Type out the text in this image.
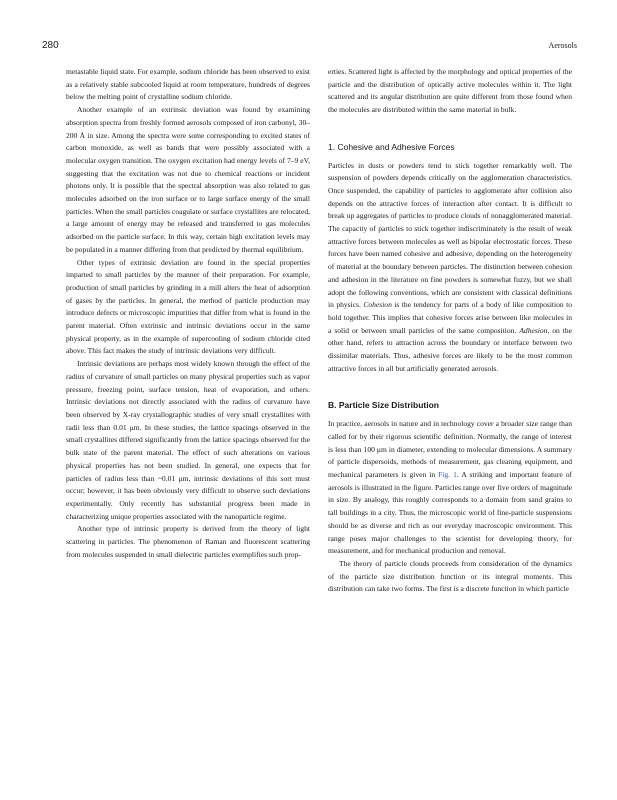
280	Aerosols

metastable liquid state. For example, sodium chloride has been observed to exist as a relatively stable subcooled liquid at room temperature, hundreds of degrees below the melting point of crystalline sodium chloride.

Another example of an extrinsic deviation was found by examining absorption spectra from freshly formed aerosols composed of iron carbonyl, 30–200 Å in size. Among the spectra were some corresponding to excited states of carbon monoxide, as well as bands that were possibly associated with a molecular oxygen transition. The oxygen excitation had energy levels of 7–9 eV, suggesting that the excitation was not due to chemical reactions or incident photons only. It is possible that the spectral absorption was also related to gas molecules adsorbed on the iron surface or to large surface energy of the small particles. When the small particles coagulate or surface crystallites are relocated, a large amount of energy may be released and transferred to gas molecules adsorbed on the particle surface. In this way, certain high excitation levels may be populated in a manner differing from that predicted by thermal equilibrium.

Other types of extrinsic deviation are found in the special properties imparted to small particles by the manner of their preparation. For example, production of small particles by grinding in a mill alters the heat of adsorption of gases by the particles. In general, the method of particle production may introduce defects or microscopic impurities that differ from what is found in the parent material. Often extrinsic and intrinsic deviations occur in the same physical property, as in the example of supercooling of sodium chloride cited above. This fact makes the study of intrinsic deviations very difficult.

Intrinsic deviations are perhaps most widely known through the effect of the radius of curvature of small particles on many physical properties such as vapor pressure, freezing point, surface tension, heat of evaporation, and others. Intrinsic deviations not directly associated with the radius of curvature have been observed by X-ray crystallographic studies of very small crystallites with radii less than 0.01 μm. In these studies, the lattice spacings observed in the small crystallites differed significantly from the lattice spacings observed for the bulk state of the parent material. The effect of such alterations on various physical properties has not been studied. In general, one expects that for particles of radius less than ~0.01 μm, intrinsic deviations of this sort must occur; however, it has been obviously very difficult to observe such deviations experimentally. Only recently has substantial progress been made in characterizing unique properties associated with the nanoparticle regime.

Another type of intrinsic property is derived from the theory of light scattering in particles. The phenomenon of Raman and fluorescent scattering from molecules suspended in small dielectric particles exemplifies such prop-

erties. Scattered light is affected by the morphology and optical properties of the particle and the distribution of optically active molecules within it. The light scattered and its angular distribution are quite different from those found when the molecules are distributed within the same material in bulk.

1. Cohesive and Adhesive Forces

Particles in dusts or powders tend to stick together remarkably well. The suspension of powders depends critically on the agglomeration characteristics. Once suspended, the capability of particles to agglomerate after collision also depends on the attractive forces of interaction after contact. It is difficult to break up aggregates of particles to produce clouds of nonagglomerated material. The capacity of particles to stick together indiscriminately is the result of weak attractive forces between molecules as well as bipolar electrostatic forces. These forces have been named cohesive and adhesive, depending on the heterogeneity of material at the boundary between particles. The distinction between cohesion and adhesion in the literature on fine powders is somewhat fuzzy, but we shall adopt the following conventions, which are consistent with classical definitions in physics. Cohesion is the tendency for parts of a body of like composition to hold together. This implies that cohesive forces arise between like molecules in a solid or between small particles of the same composition. Adhesion, on the other hand, refers to attraction across the boundary or interface between two dissimilar materials. Thus, adhesive forces are likely to be the most common attractive forces in all but artificially generated aerosols.

B. Particle Size Distribution

In practice, aerosols in nature and in technology cover a broader size range than called for by their rigorous scientific definition. Normally, the range of interest is less than 100 μm in diameter, extending to molecular dimensions. A summary of particle dispersoids, methods of measurement, gas cleaning equipment, and mechanical parameters is given in Fig. 1. A striking and important feature of aerosols is illustrated in the figure. Particles range over five orders of magnitude in size. By analogy, this roughly corresponds to a domain from sand grains to tall buildings in a city. Thus, the microscopic world of fine-particle suspensions should be as diverse and rich as our everyday macroscopic environment. This range poses major challenges to the scientist for developing theory, for measurement, and for mechanical production and removal.

The theory of particle clouds proceeds from consideration of the dynamics of the particle size distribution function or its integral moments. This distribution can take two forms. The first is a discrete function in which particle
